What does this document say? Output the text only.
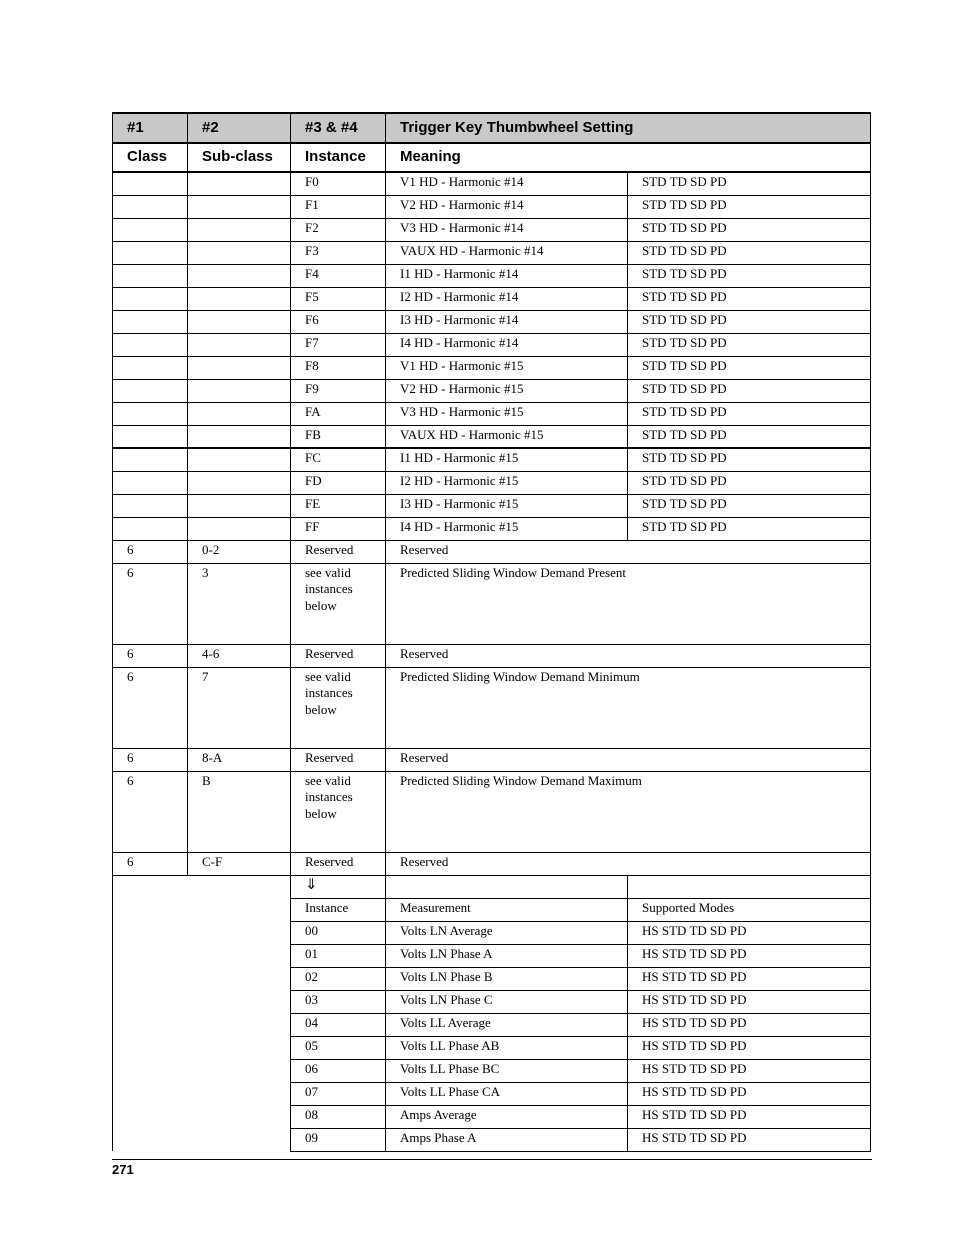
#1	#2	#3 & #4	Trigger Key Thumbwheel Setting	
Class	Sub-class	Instance	Meaning	
		F0	V1 HD - Harmonic #14	STD TD SD PD
		F1	V2 HD - Harmonic #14	STD TD SD PD
		F2	V3 HD - Harmonic #14	STD TD SD PD
		F3	VAUX HD - Harmonic #14	STD TD SD PD
		F4	I1 HD - Harmonic #14	STD TD SD PD
		F5	I2 HD - Harmonic #14	STD TD SD PD
		F6	I3 HD - Harmonic #14	STD TD SD PD
		F7	I4 HD - Harmonic #14	STD TD SD PD
		F8	V1 HD - Harmonic #15	STD TD SD PD
		F9	V2 HD - Harmonic #15	STD TD SD PD
		FA	V3 HD - Harmonic #15	STD TD SD PD
		FB	VAUX HD - Harmonic #15	STD TD SD PD
		FC	I1 HD - Harmonic #15	STD TD SD PD
		FD	I2 HD - Harmonic #15	STD TD SD PD
		FE	I3 HD - Harmonic #15	STD TD SD PD
		FF	I4 HD - Harmonic #15	STD TD SD PD
6	0-2	Reserved	Reserved	
6	3	see valid instances below	Predicted Sliding Window Demand Present	
6	4-6	Reserved	Reserved	
6	7	see valid instances below	Predicted Sliding Window Demand Minimum	
6	8-A	Reserved	Reserved	
6	B	see valid instances below	Predicted Sliding Window Demand Maximum	
6	C-F	Reserved	Reserved	
		⇓		
		Instance	Measurement	Supported Modes
		00	Volts LN Average	HS STD TD SD PD
		01	Volts LN Phase A	HS STD TD SD PD
		02	Volts LN Phase B	HS STD TD SD PD
		03	Volts LN Phase C	HS STD TD SD PD
		04	Volts LL Average	HS STD TD SD PD
		05	Volts LL Phase AB	HS STD TD SD PD
		06	Volts LL Phase BC	HS STD TD SD PD
		07	Volts LL Phase CA	HS STD TD SD PD
		08	Amps Average	HS STD TD SD PD
		09	Amps Phase A	HS STD TD SD PD
271
